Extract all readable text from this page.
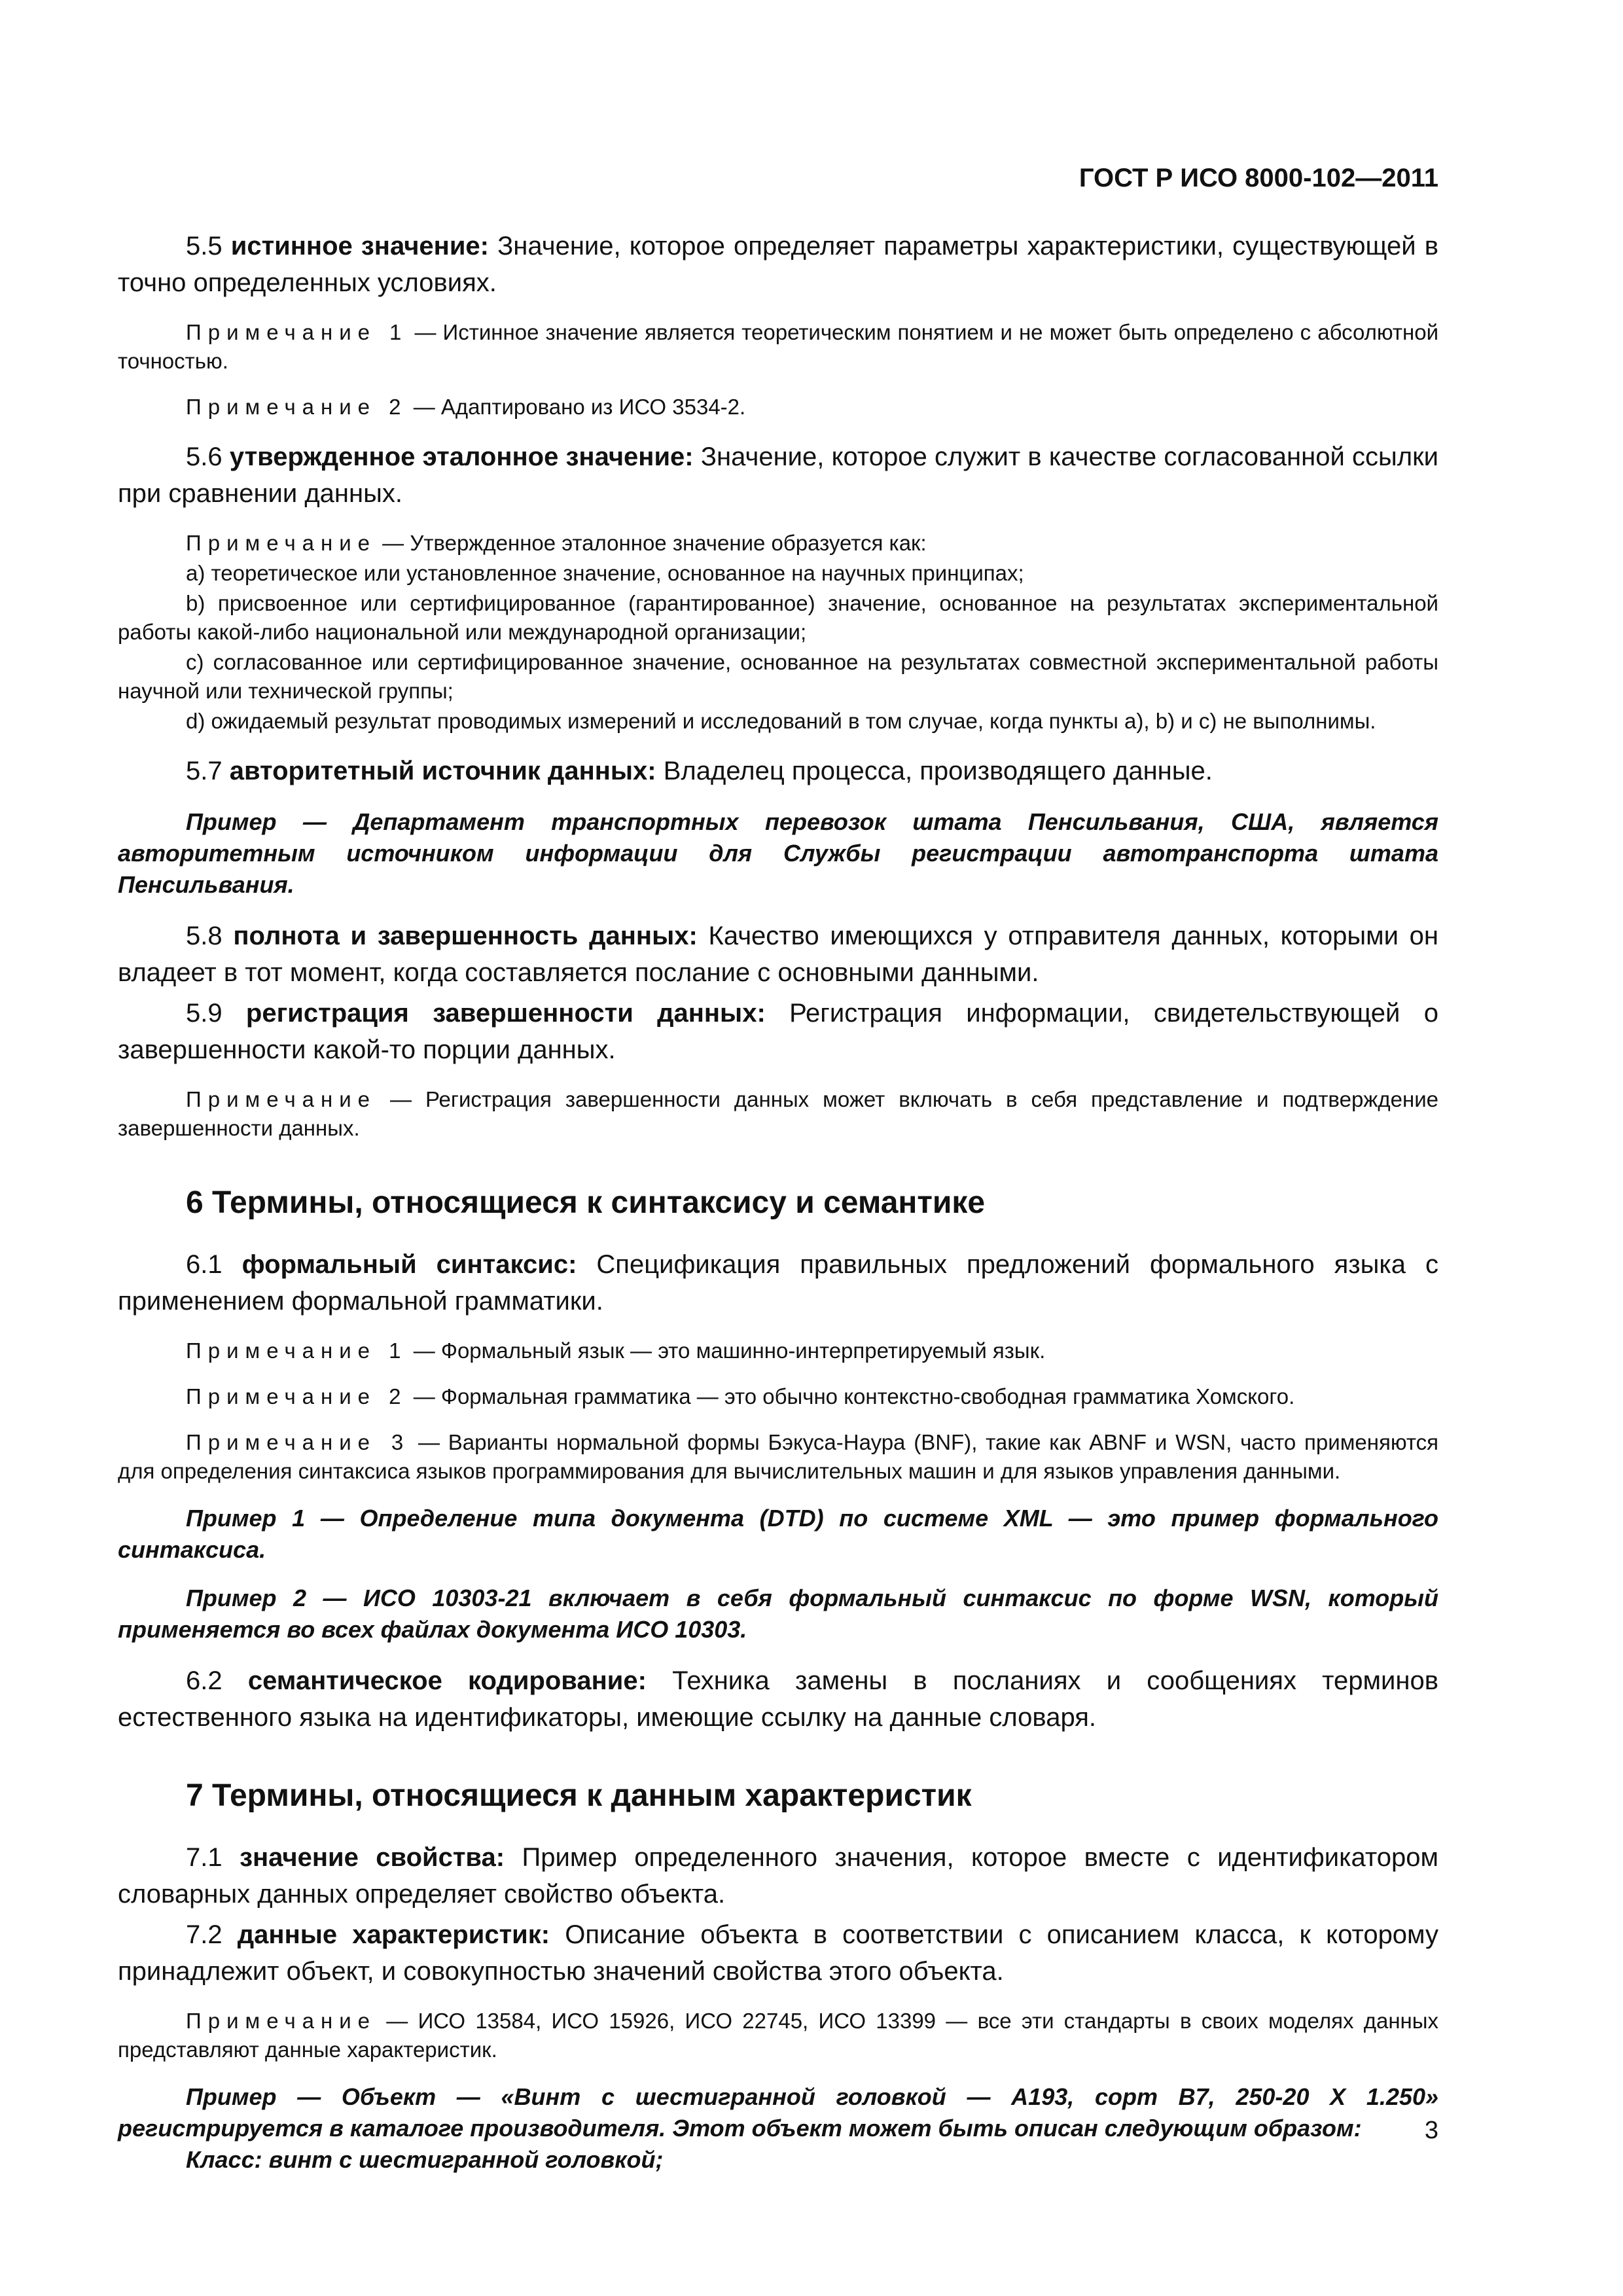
ГОСТ Р ИСО 8000-102—2011

5.5 истинное значение: Значение, которое определяет параметры характеристики, существующей в точно определенных условиях.

Примечание 1 — Истинное значение является теоретическим понятием и не может быть определено с абсолютной точностью.

Примечание 2 — Адаптировано из ИСО 3534-2.

5.6 утвержденное эталонное значение: Значение, которое служит в качестве согласованной ссылки при сравнении данных.

Примечание — Утвержденное эталонное значение образуется как:

a) теоретическое или установленное значение, основанное на научных принципах;

b) присвоенное или сертифицированное (гарантированное) значение, основанное на результатах экспериментальной работы какой-либо национальной или международной организации;

c) согласованное или сертифицированное значение, основанное на результатах совместной экспериментальной работы научной или технической группы;

d) ожидаемый результат проводимых измерений и исследований в том случае, когда пункты a), b) и c) не выполнимы.

5.7 авторитетный источник данных: Владелец процесса, производящего данные.

Пример — Департамент транспортных перевозок штата Пенсильвания, США, является авторитетным источником информации для Службы регистрации автотранспорта штата Пенсильвания.

5.8 полнота и завершенность данных: Качество имеющихся у отправителя данных, которыми он владеет в тот момент, когда составляется послание с основными данными.

5.9 регистрация завершенности данных: Регистрация информации, свидетельствующей о завершенности какой-то порции данных.

Примечание — Регистрация завершенности данных может включать в себя представление и подтверждение завершенности данных.

6 Термины, относящиеся к синтаксису и семантике

6.1 формальный синтаксис: Спецификация правильных предложений формального языка с применением формальной грамматики.

Примечание 1 — Формальный язык — это машинно-интерпретируемый язык.

Примечание 2 — Формальная грамматика — это обычно контекстно-свободная грамматика Хомского.

Примечание 3 — Варианты нормальной формы Бэкуса-Наура (BNF), такие как ABNF и WSN, часто применяются для определения синтаксиса языков программирования для вычислительных машин и для языков управления данными.

Пример 1 — Определение типа документа (DTD) по системе XML — это пример формального синтаксиса.

Пример 2 — ИСО 10303-21 включает в себя формальный синтаксис по форме WSN, который применяется во всех файлах документа ИСО 10303.

6.2 семантическое кодирование: Техника замены в посланиях и сообщениях терминов естественного языка на идентификаторы, имеющие ссылку на данные словаря.

7 Термины, относящиеся к данным характеристик

7.1 значение свойства: Пример определенного значения, которое вместе с идентификатором словарных данных определяет свойство объекта.

7.2 данные характеристик: Описание объекта в соответствии с описанием класса, к которому принадлежит объект, и совокупностью значений свойства этого объекта.

Примечание — ИСО 13584, ИСО 15926, ИСО 22745, ИСО 13399 — все эти стандарты в своих моделях данных представляют данные характеристик.

Пример — Объект — «Винт с шестигранной головкой — А193, сорт В7, 250-20 X 1.250» регистрируется в каталоге производителя. Этот объект может быть описан следующим образом:

Класс: винт с шестигранной головкой;

3
